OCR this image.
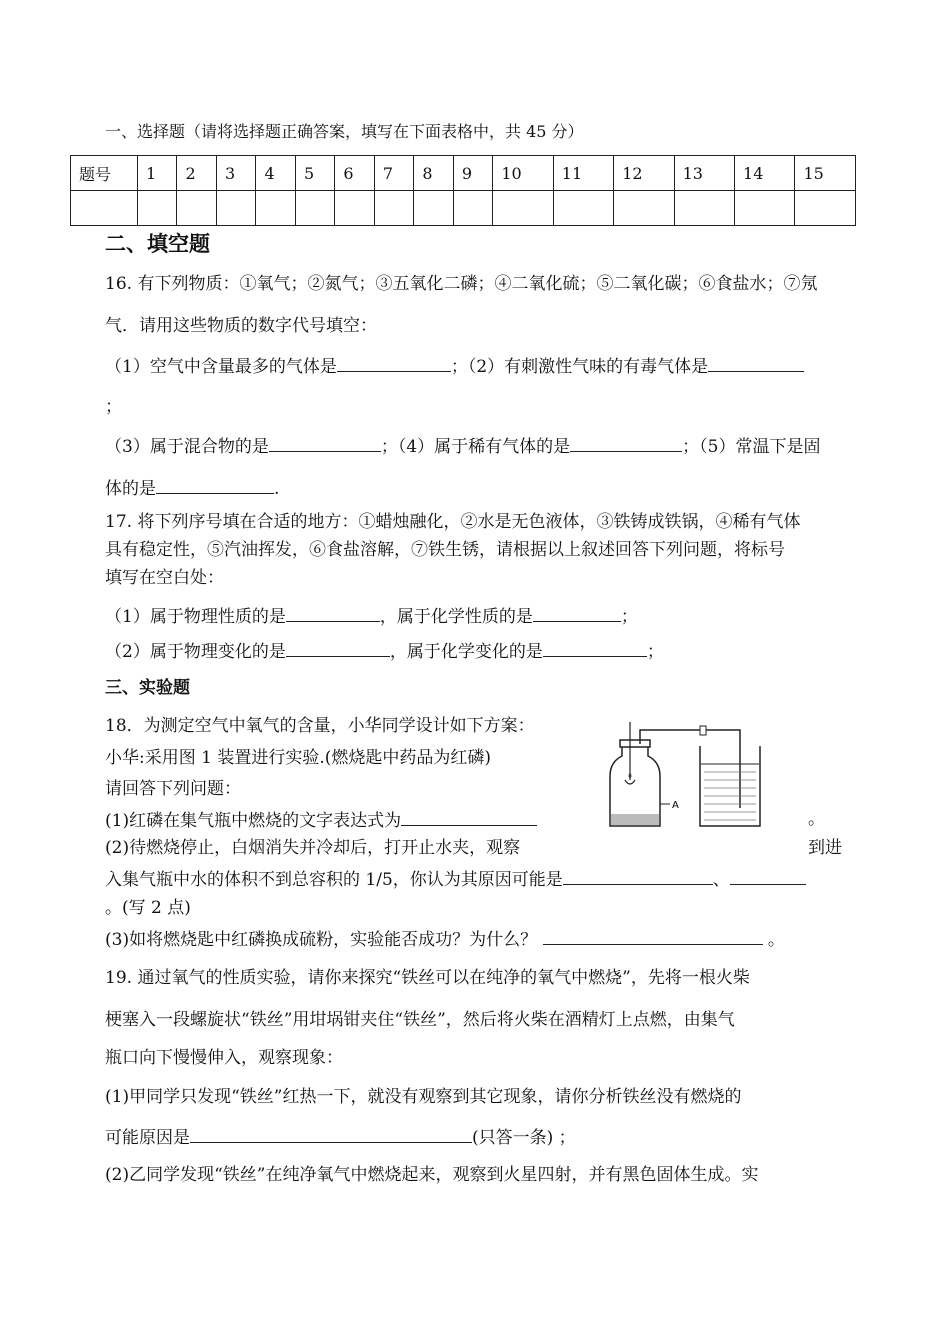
一、选择题（请将选择题正确答案，填写在下面表格中，共 45 分）
题号	1	2	3	4	5	6	7	8	9	10	11	12	13	14	15

二、填空题
16. 有下列物质：①氧气；②氮气；③五氧化二磷；④二氧化硫；⑤二氧化碳；⑥食盐水；⑦氖
气．请用这些物质的数字代号填空：
（1）空气中含量最多的气体是	；（2）有刺激性气味的有毒气体是
；
（3）属于混合物的是	；（4）属于稀有气体的是	；（5）常温下是固
体的是	.
17. 将下列序号填在合适的地方：①蜡烛融化，②水是无色液体，③铁铸成铁锅，④稀有气体
具有稳定性，⑤汽油挥发，⑥食盐溶解，⑦铁生锈，请根据以上叙述回答下列问题，将标号
填写在空白处：
（1）属于物理性质的是	，属于化学性质的是	；
（2）属于物理变化的是	，属于化学变化的是	；
三、实验题
18．为测定空气中氧气的含量，小华同学设计如下方案：
小华:采用图 1 装置进行实验.(燃烧匙中药品为红磷)
请回答下列问题：
(1)红磷在集气瓶中燃烧的文字表达式为	。
(2)待燃烧停止，白烟消失并冷却后，打开止水夹，观察	到进
入集气瓶中水的体积不到总容积的 1/5，你认为其原因可能是	、
。(写 2 点)
(3)如将燃烧匙中红磷换成硫粉，实验能否成功？为什么？	。
A
19. 通过氧气的性质实验，请你来探究“铁丝可以在纯净的氧气中燃烧”，先将一根火柴
梗塞入一段螺旋状“铁丝”用坩埚钳夹住“铁丝”，然后将火柴在酒精灯上点燃，由集气
瓶口向下慢慢伸入，观察现象：
(1)甲同学只发现“铁丝”红热一下，就没有观察到其它现象，请你分析铁丝没有燃烧的
可能原因是	(只答一条) ；
(2)乙同学发现“铁丝”在纯净氧气中燃烧起来，观察到火星四射，并有黑色固体生成。实
